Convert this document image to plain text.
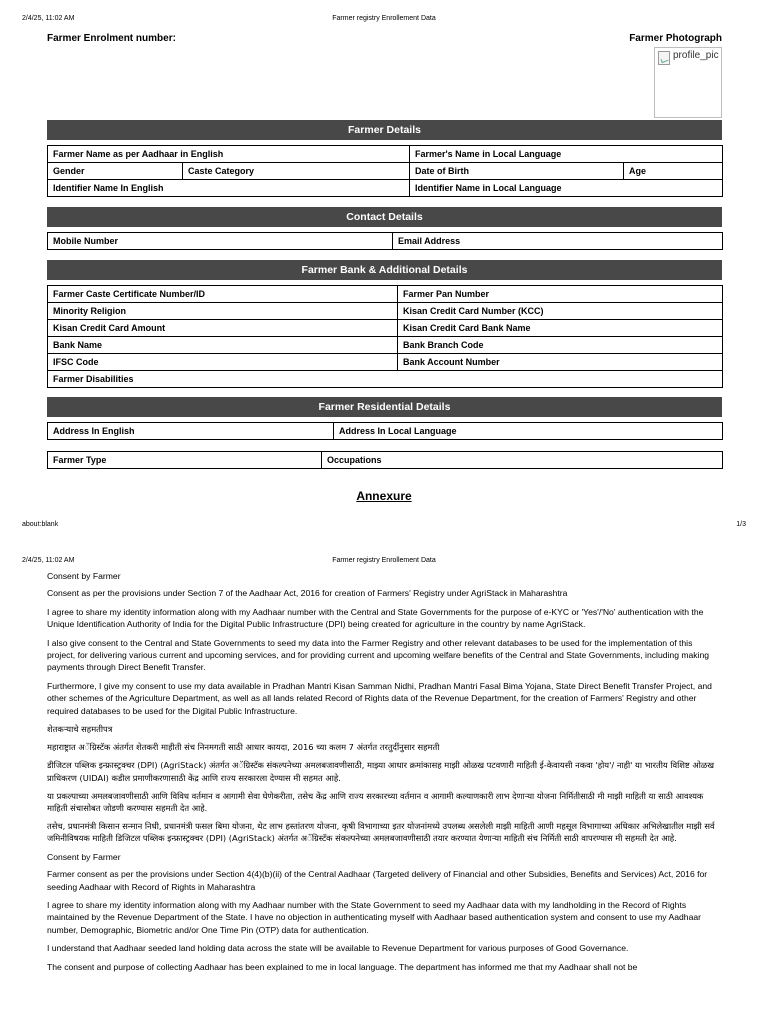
Farmer registry Enrollement Data
2/4/25, 11:02 AM
Farmer Enrolment number:	Farmer Photograph
profile_pic
Farmer Details
Farmer Name as per Aadhaar in English		Farmer's Name in Local Language	
Gender	Caste Category	Date of Birth	Age
Identifier Name In English		Identifier Name in Local Language	
Contact Details
Mobile Number	Email Address
Farmer Bank & Additional Details
Farmer Caste Certificate Number/ID	Farmer Pan Number
Minority Religion	Kisan Credit Card Number (KCC)
Kisan Credit Card Amount	Kisan Credit Card Bank Name
Bank Name	Bank Branch Code
IFSC Code	Bank Account Number
Farmer Disabilities	
Farmer Residential Details
Address In English	Address In Local Language
Farmer Type	Occupations
Annexure
about:blank	1/3
Farmer registry Enrollement Data
2/4/25, 11:02 AM

Consent by Farmer

Consent as per the provisions under Section 7 of the Aadhaar Act, 2016 for creation of Farmers' Registry under AgriStack in Maharashtra

I agree to share my identity information along with my Aadhaar number with the Central and State Governments for the purpose of e-KYC or 'Yes'/'No' authentication with the Unique Identification Authority of India for the Digital Public Infrastructure (DPI) being created for agriculture in the country by name AgriStack.

I also give consent to the Central and State Governments to seed my data into the Farmer Registry and other relevant databases to be used for the implementation of this project, for delivering various current and upcoming services, and for providing current and upcoming welfare benefits of the Central and State Governments, including making payments through Direct Benefit Transfer.

Furthermore, I give my consent to use my data available in Pradhan Mantri Kisan Samman Nidhi, Pradhan Mantri Fasal Bima Yojana, State Direct Benefit Transfer Project, and other schemes of the Agriculture Department, as well as all lands related Record of Rights data of the Revenue Department, for the creation of Farmers' Registry and other required databases to be used for the Digital Public Infrastructure.

शेतकऱ्याचे सहमतीपत्र

महाराष्ट्रात अॅग्रिस्टॅक अंतर्गत शेतकरी माहीती संच निनमगती साठी आधार कायदा, 2016 च्या कलम 7 अंतर्गत तरतुदींनुसार सहमती

डीजिटल पब्लिक इन्फ्रास्ट्रक्चर (DPI) (AgriStack) अंतर्गत अॅग्रिस्टॅक संकल्पनेच्या अमलबजावणीसाठी, माझ्या आधार क्रमांकासह माझी ओळख पटवणारी माहिती ई-केवायसी नकवा 'होय'/ नाही' या भारतीय विशिष्ट ओळख प्राधिकरण (UIDAI) कडील प्रमाणीकरणासाठी केंद्र आणि राज्य सरकारला देण्यास मी सहमत आहे.

या प्रकल्पाच्या अमलबजावणीसाठी आणि विविध वर्तमान व आगामी सेवा घेणेकरीता, तसेच केंद्र आणि राज्य सरकारच्या वर्तमान व आगामी कल्याणकारी लाभ देणाऱ्या योजना निर्मितीसाठी मी माझी माहिती या साठी आवश्यक माहिती संचासोबत जोडणी करण्यास सहमती देत आहे.

तसेच, प्रधानमंत्री किसान सन्मान निधी, प्रधानमंत्री फसल बिमा योजना, थेट लाभ हस्तांतरण योजना, कृषी विभागाच्या इतर योजनांमध्ये उपलब्ध असलेली माझी माहिती आणी महसूल विभागाच्या अधिकार अभिलेखातील माझी सर्व जमिनीविषयक माहिती डिजिटल पब्लिक इन्फ्रास्ट्रक्चर (DPI) (AgriStack) अंतर्गत अॅग्रिस्टॅक संकल्पनेच्या अमलबजावणीसाठी तयार करण्यात येणाऱ्या माहिती संच निर्मिती साठी वापरण्यास मी सहमती देत आहे.

Consent by Farmer

Farmer consent as per the provisions under Section 4(4)(b)(ii) of the Central Aadhaar (Targeted delivery of Financial and other Subsidies, Benefits and Services) Act, 2016 for seeding Aadhaar with Record of Rights in Maharashtra

I agree to share my identity information along with my Aadhaar number with the State Government to seed my Aadhaar data with my landholding in the Record of Rights maintained by the Revenue Department of the State. I have no objection in authenticating myself with Aadhaar based authentication system and consent to use my Aadhaar number, Demographic, Biometric and/or One Time Pin (OTP) data for authentication.

I understand that Aadhaar seeded land holding data across the state will be available to Revenue Department for various purposes of Good Governance.

The consent and purpose of collecting Aadhaar has been explained to me in local language. The department has informed me that my Aadhaar shall not be
